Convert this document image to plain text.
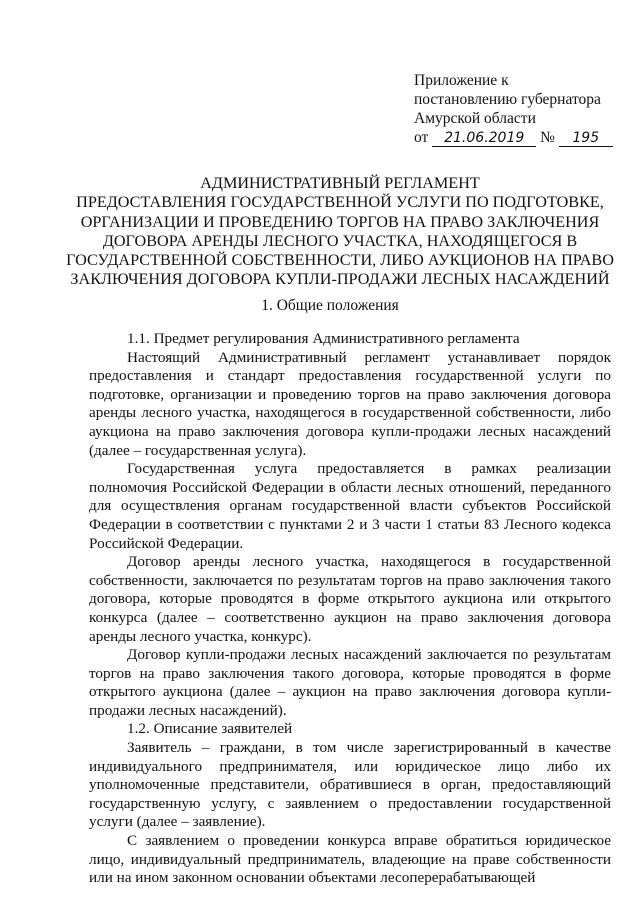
Приложение к
постановлению губернатора
Амурской области
от 21.06.2019 № 195
АДМИНИСТРАТИВНЫЙ РЕГЛАМЕНТ
ПРЕДОСТАВЛЕНИЯ ГОСУДАРСТВЕННОЙ УСЛУГИ ПО ПОДГОТОВКЕ,
ОРГАНИЗАЦИИ И ПРОВЕДЕНИЮ ТОРГОВ НА ПРАВО ЗАКЛЮЧЕНИЯ
ДОГОВОРА АРЕНДЫ ЛЕСНОГО УЧАСТКА, НАХОДЯЩЕГОСЯ В
ГОСУДАРСТВЕННОЙ СОБСТВЕННОСТИ, ЛИБО АУКЦИОНОВ НА ПРАВО
ЗАКЛЮЧЕНИЯ ДОГОВОРА КУПЛИ-ПРОДАЖИ ЛЕСНЫХ НАСАЖДЕНИЙ
1. Общие положения

1.1. Предмет регулирования Административного регламента

Настоящий Административный регламент устанавливает порядок предоставления и стандарт предоставления государственной услуги по подготовке, организации и проведению торгов на право заключения договора аренды лесного участка, находящегося в государственной собственности, либо аукциона на право заключения договора купли-продажи лесных насаждений (далее – государственная услуга).

Государственная услуга предоставляется в рамках реализации полномочия Российской Федерации в области лесных отношений, переданного для осуществления органам государственной власти субъектов Российской Федерации в соответствии с пунктами 2 и 3 части 1 статьи 83 Лесного кодекса Российской Федерации.

Договор аренды лесного участка, находящегося в государственной собственности, заключается по результатам торгов на право заключения такого договора, которые проводятся в форме открытого аукциона или открытого конкурса (далее – соответственно аукцион на право заключения договора аренды лесного участка, конкурс).

Договор купли-продажи лесных насаждений заключается по результатам торгов на право заключения такого договора, которые проводятся в форме открытого аукциона (далее – аукцион на право заключения договора купли-продажи лесных насаждений).

1.2. Описание заявителей

Заявитель – граждани, в том числе зарегистрированный в качестве индивидуального предпринимателя, или юридическое лицо либо их уполномоченные представители, обратившиеся в орган, предоставляющий государственную услугу, с заявлением о предоставлении государственной услуги (далее – заявление).

С заявлением о проведении конкурса вправе обратиться юридическое лицо, индивидуальный предприниматель, владеющие на праве собственности или на ином законном основании объектами лесоперерабатывающей
